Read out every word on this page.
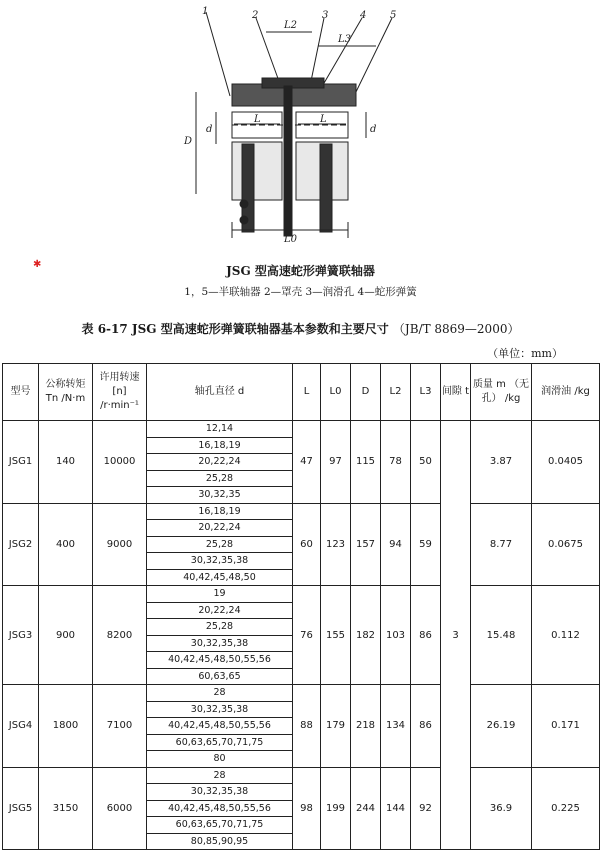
1	2	3	4 5
L2
L3
L	t	L
D
d	d
L0
✱	JSG 型高速蛇形弹簧联轴器
1，5—半联轴器 2—罩壳 3—润滑孔 4—蛇形弹簧
表 6-17 JSG 型高速蛇形弹簧联轴器基本参数和主要尺寸 （JB/T 8869—2000）
（单位：mm）
型号	公称转矩 Tn /N·m	许用转速 [n] /r·min⁻¹	轴孔直径 d	L	L0	D	L2	L3	间隙 t	质量 m （无孔） /kg	润滑油 /kg
JSG1	140	10000	12,14	47	97	115	78	50	3	3.87	0.0405
			16,18,19								
			20,22,24								
			25,28								
			30,32,35								
JSG2	400	9000	16,18,19	60	123	157	94	59		8.77	0.0675
			20,22,24								
			25,28								
			30,32,35,38								
			40,42,45,48,50								
JSG3	900	8200	19	76	155	182	103	86		15.48	0.112
			20,22,24								
			25,28								
			30,32,35,38								
			40,42,45,48,50,55,56								
			60,63,65								
JSG4	1800	7100	28	88	179	218	134	86		26.19	0.171
			30,32,35,38								
			40,42,45,48,50,55,56								
			60,63,65,70,71,75								
			80								
JSG5	3150	6000	28	98	199	244	144	92		36.9	0.225
			30,32,35,38								
			40,42,45,48,50,55,56								
			60,63,65,70,71,75								
			80,85,90,95								
